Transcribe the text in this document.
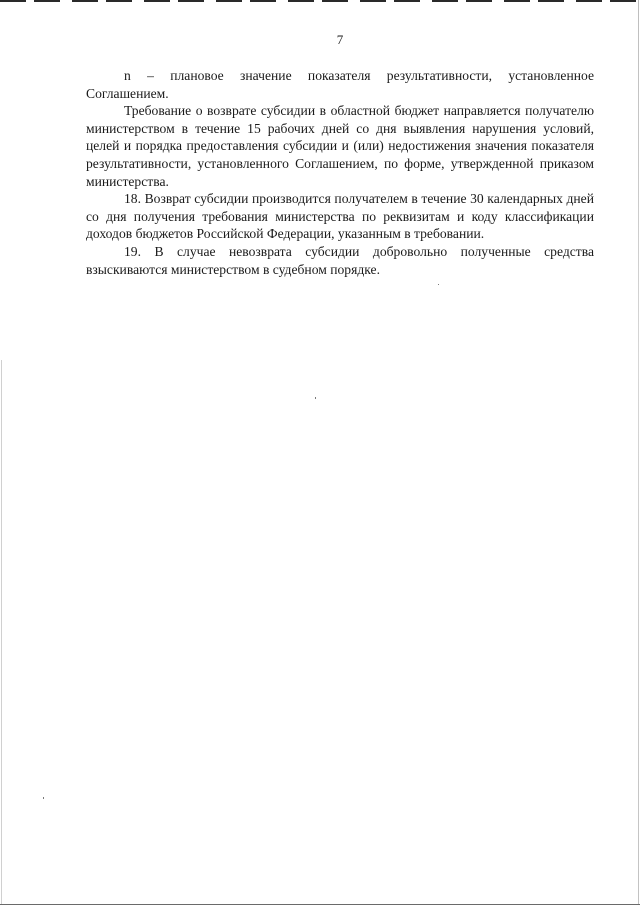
7

n – плановое значение показателя результативности, установленное Соглашением.

Требование о возврате субсидии в областной бюджет направляется получателю министерством в течение 15 рабочих дней со дня выявления нарушения условий, целей и порядка предоставления субсидии и (или) недостижения значения показателя результативности, установленного Соглашением, по форме, утвержденной приказом министерства.

18. Возврат субсидии производится получателем в течение 30 календарных дней со дня получения требования министерства по реквизитам и коду классификации доходов бюджетов Российской Федерации, указанным в требовании.

19. В случае невозврата субсидии добровольно полученные средства взыскиваются министерством в судебном порядке.
